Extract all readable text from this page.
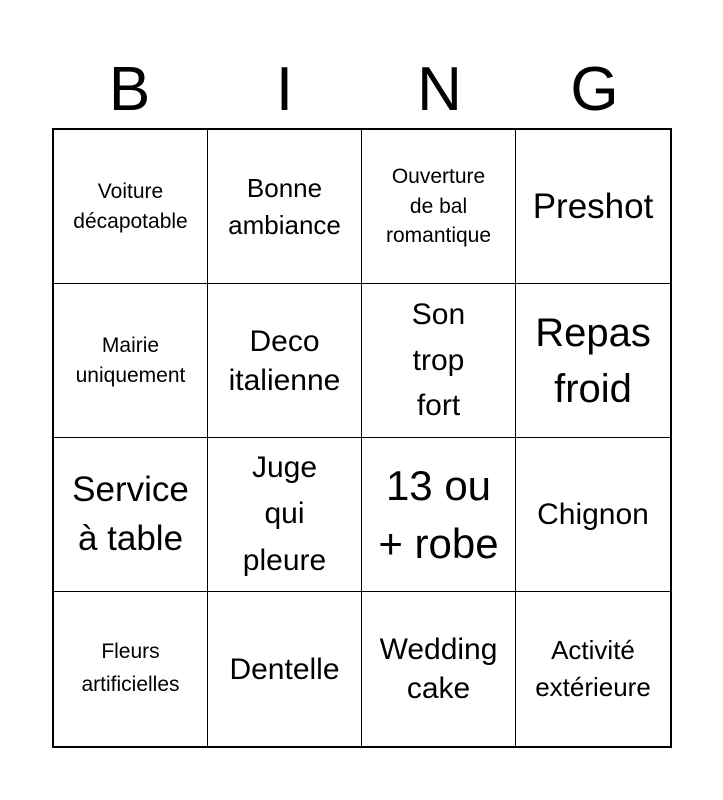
B	I	N	G
Voiture
décapotable
Bonne
ambiance
Ouverture
de bal
romantique
Preshot
Mairie
uniquement
Deco
italienne
Son
trop
fort
Repas
froid
Service
à table
Juge
qui
pleure
13 ou
+ robe
Chignon
Fleurs
artificielles Dentelle
Wedding
cake
Activité
extérieure
